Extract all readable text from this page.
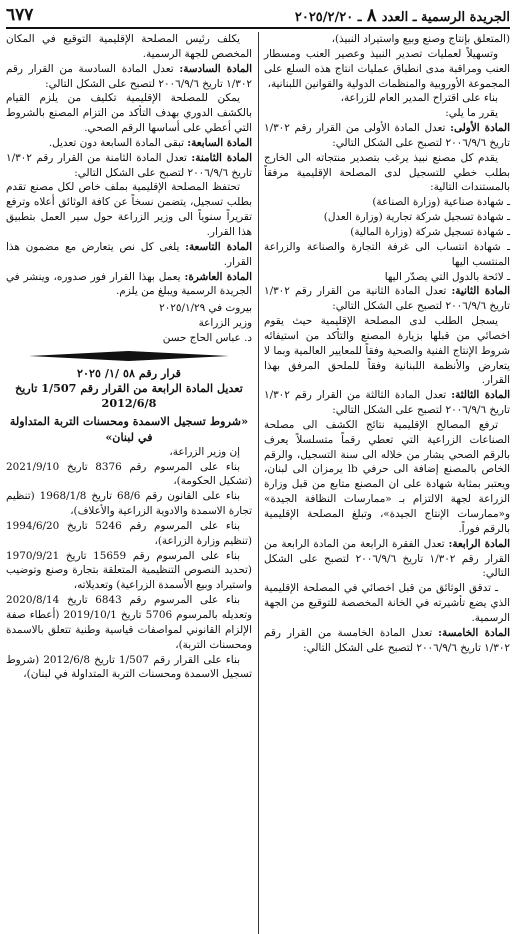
الجريدة الرسمية ـ العدد ٨ ـ ٢٠٢٥/٢/٢٠
٦٧٧

(المتعلق بإنتاج وصنع وبيع واستيراد النبيذ)،

وتسهيلاً لعمليات تصدير النبيذ وعصير العنب ومسطار العنب ومراقبة مدى انطباق عمليات انتاج هذه السلع على المجموعة الأوروبية والمنظمات الدولية والقوانين اللبنانية،

بناء على اقتراح المدير العام للزراعة،

يقرر ما يلي:

المادة الأولى: تعدل المادة الأولى من القرار رقم ١/٣٠٢ تاريخ ٢٠٠٦/٩/٦ لتصبح على الشكل التالي:

يقدم كل مصنع نبيذ يرغب بتصدير منتجاته الى الخارج بطلب خطي للتسجيل لدى المصلحة الإقليمية مرفقاً بالمستندات التالية:

ـ شهادة صناعية (وزارة الصناعة)
ـ شهادة تسجيل شركة تجارية (وزارة العدل)
ـ شهادة تسجيل شركة (وزارة المالية)
ـ شهادة انتساب الى غرفة التجارة والصناعة والزراعة المنتسب اليها
ـ لائحة بالدول التي يصدّر اليها

المادة الثانية: تعدل المادة الثانية من القرار رقم ١/٣٠٢ تاريخ ٢٠٠٦/٩/٦ لتصبح على الشكل التالي:

يسجل الطلب لدى المصلحة الإقليمية حيث يقوم اخصائي من قبلها بزيارة المصنع والتأكد من استيفائه شروط الإنتاج الفنية والصحية وفقاً للمعايير العالمية وبما لا يتعارض والأنظمة اللبنانية وفقاً للملحق المرفق بهذا القرار.

المادة الثالثة: تعدل المادة الثالثة من القرار رقم ١/٣٠٢ تاريخ ٢٠٠٦/٩/٦ لتصبح على الشكل التالي:

ترفع المصالح الإقليمية نتائج الكشف الى مصلحة الصناعات الزراعية التي تعطي رقماً متسلسلاً يعرف بالرقم الصحي يشار من خلاله الى سنة التسجيل، والرقم الخاص بالمصنع إضافة الى حرفي lb يرمزان الى لبنان، ويعتبر بمثابة شهادة على ان المصنع متابع من قبل وزارة الزراعة لجهة الالتزام بـ «ممارسات النظافة الجيدة» و«ممارسات الإنتاج الجيدة»، وتبلغ المصلحة الإقليمية بالرقم فوراً.

المادة الرابعة: تعدل الفقرة الرابعة من المادة الرابعة من القرار رقم ١/٣٠٢ تاريخ ٢٠٠٦/٩/٦ لتصبح على الشكل التالي:

ـ تدقق الوثائق من قبل اخصائي في المصلحة الإقليمية الذي يضع تأشيرته في الخانة المخصصة للتوقيع من الجهة الرسمية.

المادة الخامسة: تعدل المادة الخامسة من القرار رقم ١/٣٠٢ تاريخ ٢٠٠٦/٩/٦ لتصبح على الشكل التالي:

يكلف رئيس المصلحة الإقليمية التوقيع في المكان المخصص للجهة الرسمية.

المادة السادسة: تعدل المادة السادسة من القرار رقم ١/٣٠٢ تاريخ ٢٠٠٦/٩/٦ لتصبح على الشكل التالي:

يمكن للمصلحة الإقليمية تكليف من يلزم القيام بالكشف الدوري بهدف التأكد من التزام المصنع بالشروط التي أعطي على أساسها الرقم الصحي.

المادة السابعة: تبقى المادة السابعة دون تعديل.

المادة الثامنة: تعدل المادة الثامنة من القرار رقم ١/٣٠٢ تاريخ ٢٠٠٦/٩/٦ لتصبح على الشكل التالي:

تحتفظ المصلحة الإقليمية بملف خاص لكل مصنع تقدم بطلب تسجيل، يتضمن نسخاً عن كافة الوثائق أعلاه وترفع تقريراً سنوياً الى وزير الزراعة حول سير العمل بتطبيق هذا القرار.

المادة التاسعة: يلغى كل نص يتعارض مع مضمون هذا القرار.

المادة العاشرة: يعمل بهذا القرار فور صدوره، وينشر في الجريدة الرسمية ويبلغ من يلزم.

بيروت في ٢٠٢٥/١/٢٩

وزير الزراعة

د. عباس الحاج حسن

قرار رقم ٥٨ /١/ ٢٠٢٥
تعديل المادة الرابعة من القرار رقم 1/507 تاريخ 2012/6/8
«شروط تسجيل الاسمدة ومحسنات التربة المتداولة في لبنان»

إن وزير الزراعة،

بناء على المرسوم رقم 8376 تاريخ 2021/9/10 (تشكيل الحكومة)،

بناء على القانون رقم 68/6 تاريخ 1968/1/8 (تنظيم تجارة الاسمدة والادوية الزراعية والأعلاف)،

بناء على المرسوم رقم 5246 تاريخ 1994/6/20 (تنظيم وزارة الزراعة)،

بناء على المرسوم رقم 15659 تاريخ 1970/9/21 (تحديد النصوص التنظيمية المتعلقة بتجارة وصنع وتوضيب واستيراد وبيع الأسمدة الزراعية) وتعديلاته،

بناء على المرسوم رقم 6843 تاريخ 2020/8/14 وتعديله بالمرسوم 5706 تاريخ 2019/10/1 (أعطاء صفة الإلزام القانوني لمواصفات قياسية وطنية تتعلق بالاسمدة ومحسنات التربة)،

بناء على القرار رقم 1/507 تاريخ 2012/6/8 (شروط تسجيل الاسمدة ومحسنات التربة المتداولة في لبنان)،
